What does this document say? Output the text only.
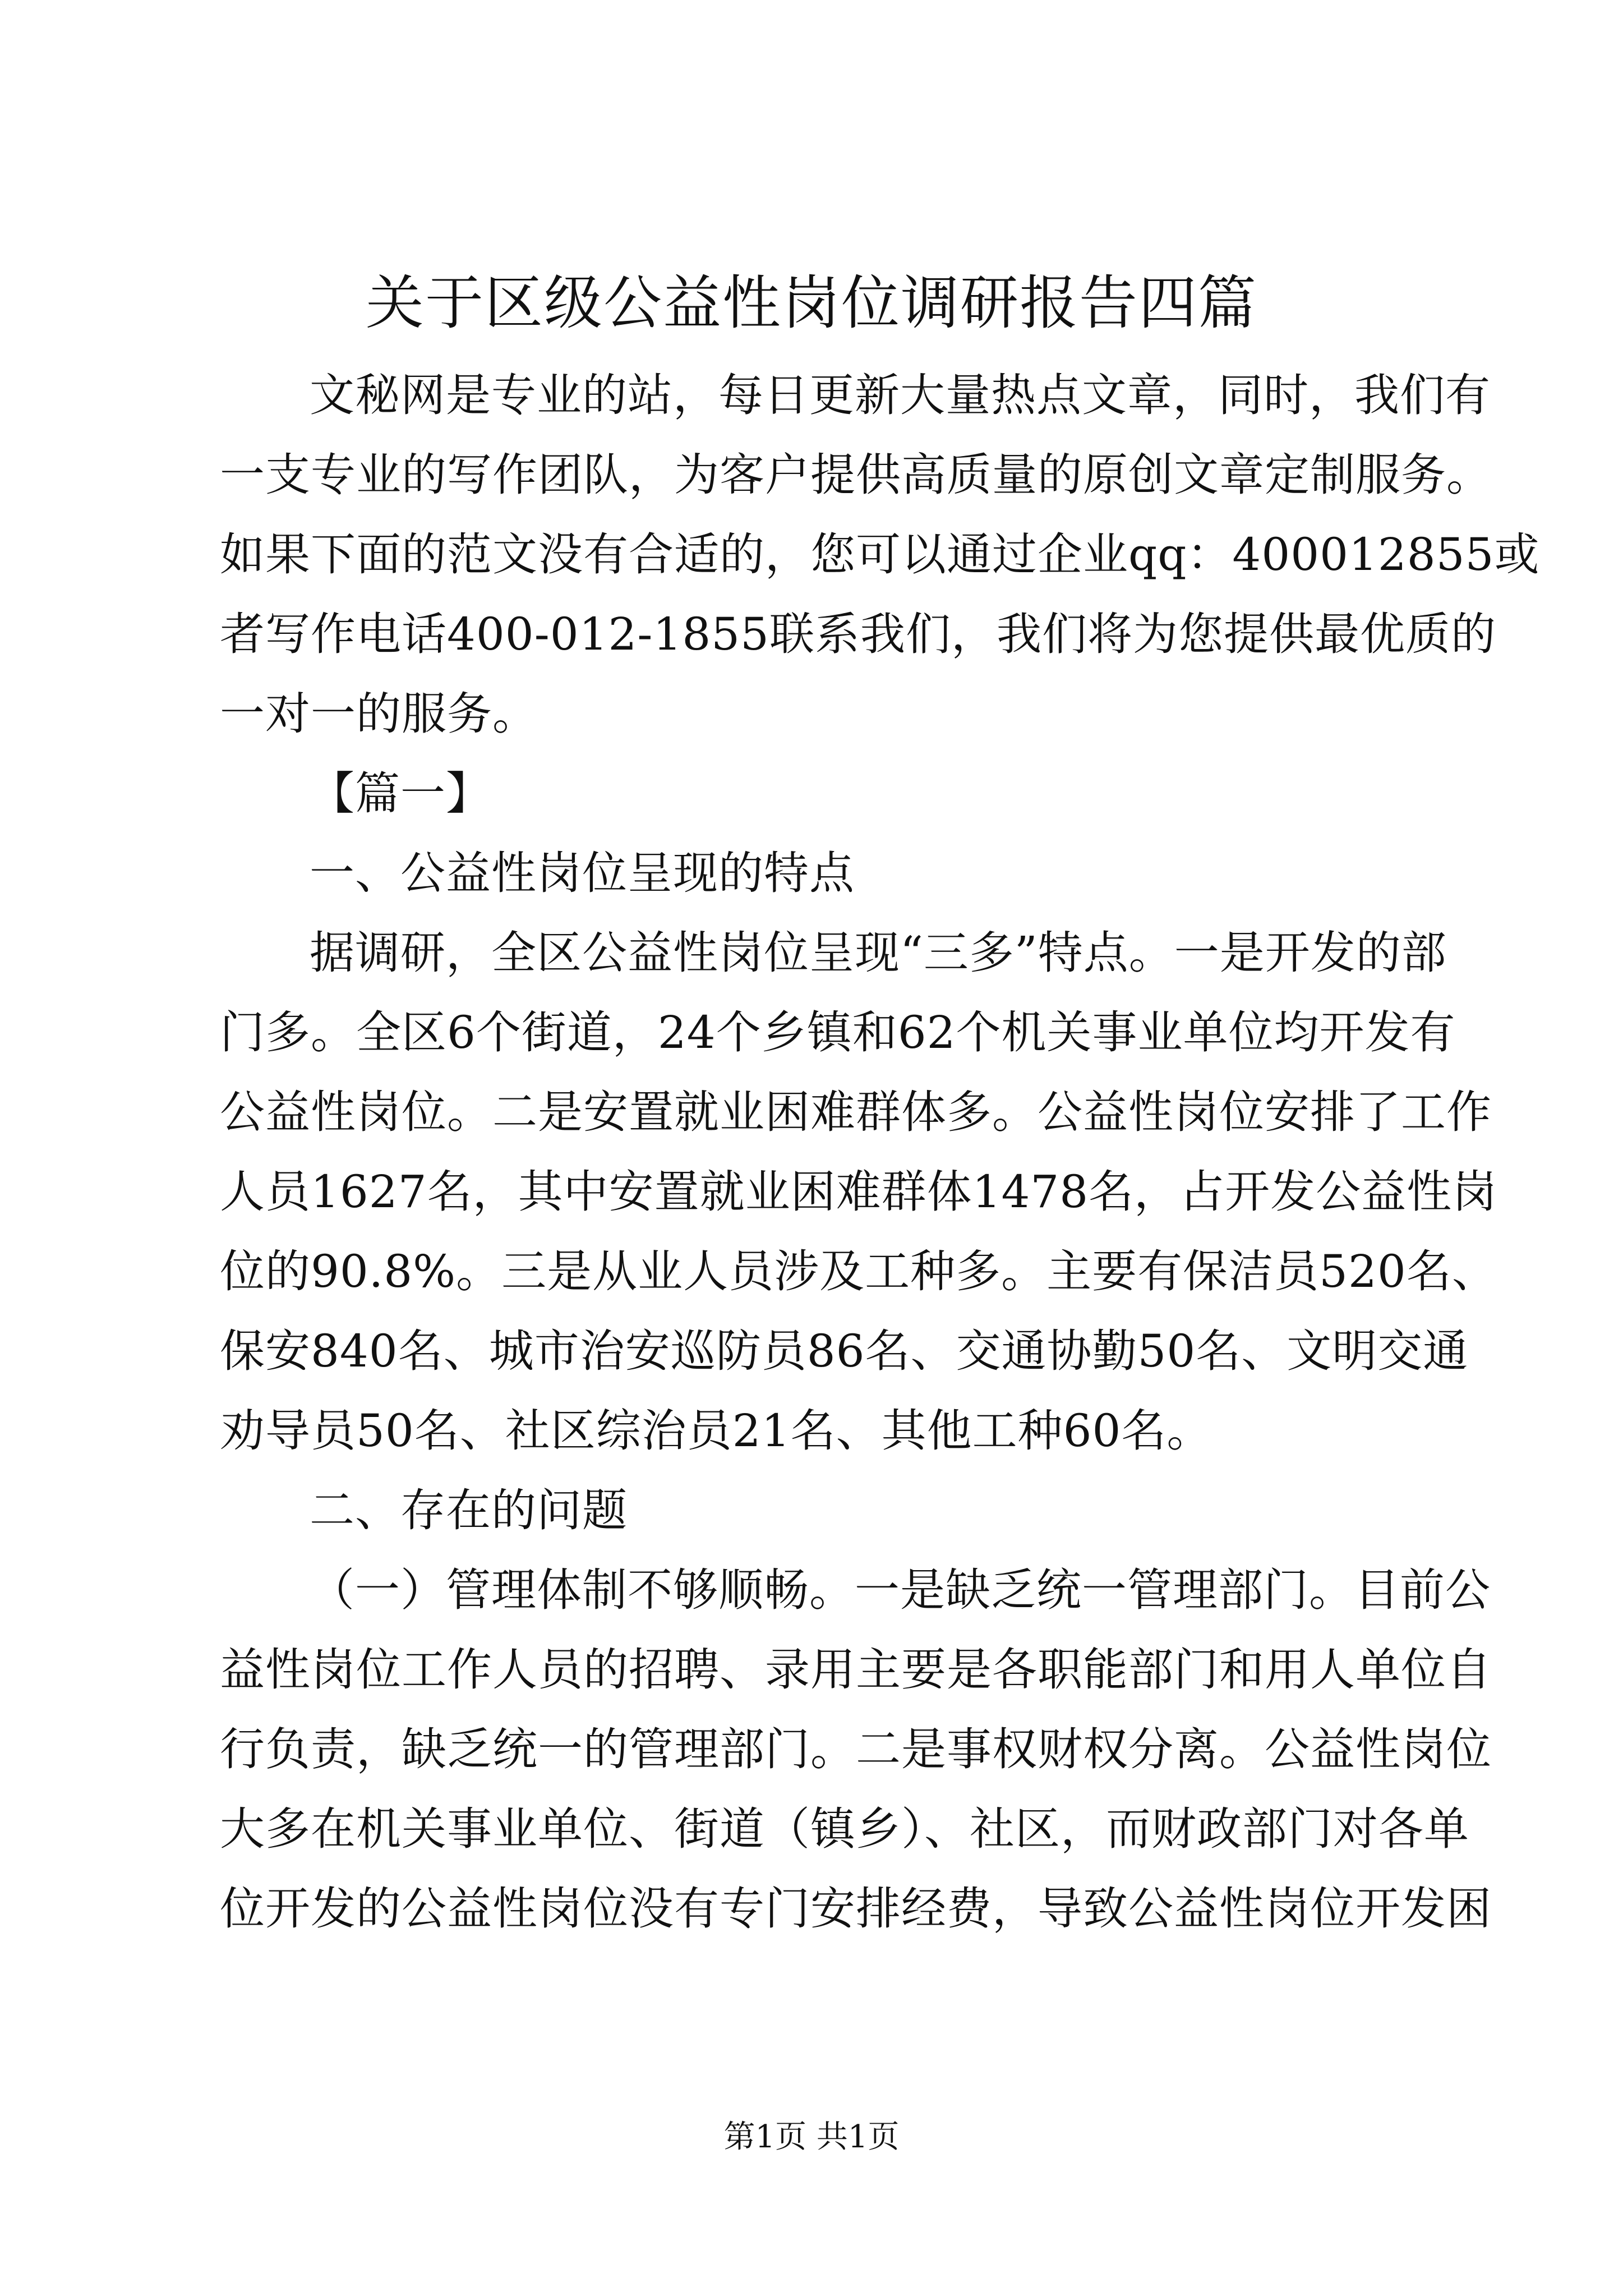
关于区级公益性岗位调研报告四篇
文秘网是专业的站，每日更新大量热点文章，同时，我们有
一支专业的写作团队，为客户提供高质量的原创文章定制服务。
如果下面的范文没有合适的，您可以通过企业qq：400012855或
者写作电话400-012-1855联系我们，我们将为您提供最优质的
一对一的服务。
【篇一】
一、公益性岗位呈现的特点
据调研，全区公益性岗位呈现“三多”特点。一是开发的部
门多。全区6个街道，24个乡镇和62个机关事业单位均开发有
公益性岗位。二是安置就业困难群体多。公益性岗位安排了工作
人员1627名，其中安置就业困难群体1478名，占开发公益性岗
位的90.8%。三是从业人员涉及工种多。主要有保洁员520名、
保安840名、城市治安巡防员86名、交通协勤50名、文明交通
劝导员50名、社区综治员21名、其他工种60名。
二、存在的问题
（一）管理体制不够顺畅。一是缺乏统一管理部门。目前公
益性岗位工作人员的招聘、录用主要是各职能部门和用人单位自
行负责，缺乏统一的管理部门。二是事权财权分离。公益性岗位
大多在机关事业单位、街道（镇乡）、社区，而财政部门对各单
位开发的公益性岗位没有专门安排经费，导致公益性岗位开发困
第1页 共1页
